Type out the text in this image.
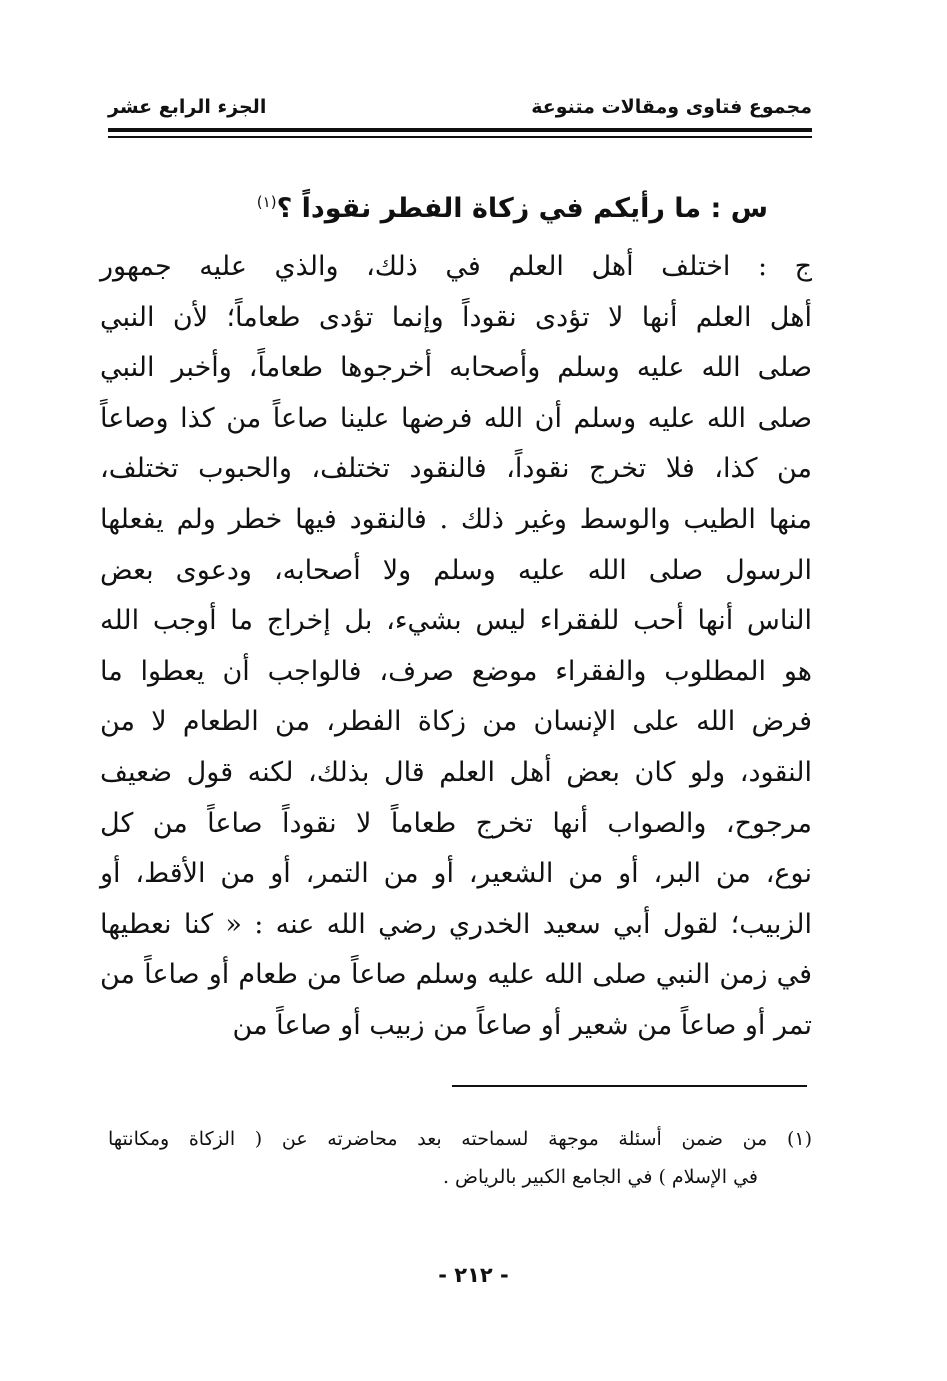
مجموع فتاوى ومقالات متنوعة
الجزء الرابع عشر
س : ما رأيكم في زكاة الفطر نقوداً ؟$^{(١)}$
ج : اختلف أهل العلم في ذلك، والذي عليه جمهور
أهل العلم أنها لا تؤدى نقوداً وإنما تؤدى طعاماً؛ لأن النبي
صلى الله عليه وسلم وأصحابه أخرجوها طعاماً، وأخبر النبي
صلى الله عليه وسلم أن الله فرضها علينا صاعاً من كذا وصاعاً
من كذا، فلا تخرج نقوداً، فالنقود تختلف، والحبوب تختلف،
منها الطيب والوسط وغير ذلك . فالنقود فيها خطر ولم يفعلها
الرسول صلى الله عليه وسلم ولا أصحابه، ودعوى بعض
الناس أنها أحب للفقراء ليس بشيء، بل إخراج ما أوجب الله
هو المطلوب والفقراء موضع صرف، فالواجب أن يعطوا ما
فرض الله على الإنسان من زكاة الفطر، من الطعام لا من
النقود، ولو كان بعض أهل العلم قال بذلك، لكنه قول ضعيف
مرجوح، والصواب أنها تخرج طعاماً لا نقوداً صاعاً من كل
نوع، من البر، أو من الشعير، أو من التمر، أو من الأقط، أو
الزبيب؛ لقول أبي سعيد الخدري رضي الله عنه : « كنا نعطيها
في زمن النبي صلى الله عليه وسلم صاعاً من طعام أو صاعاً من
تمر أو صاعاً من شعير أو صاعاً من زبيب أو صاعاً من
(١) من ضمن أسئلة موجهة لسماحته بعد محاضرته عن ( الزكاة ومكانتها
في الإسلام ) في الجامع الكبير بالرياض .
- ٢١٢ -
